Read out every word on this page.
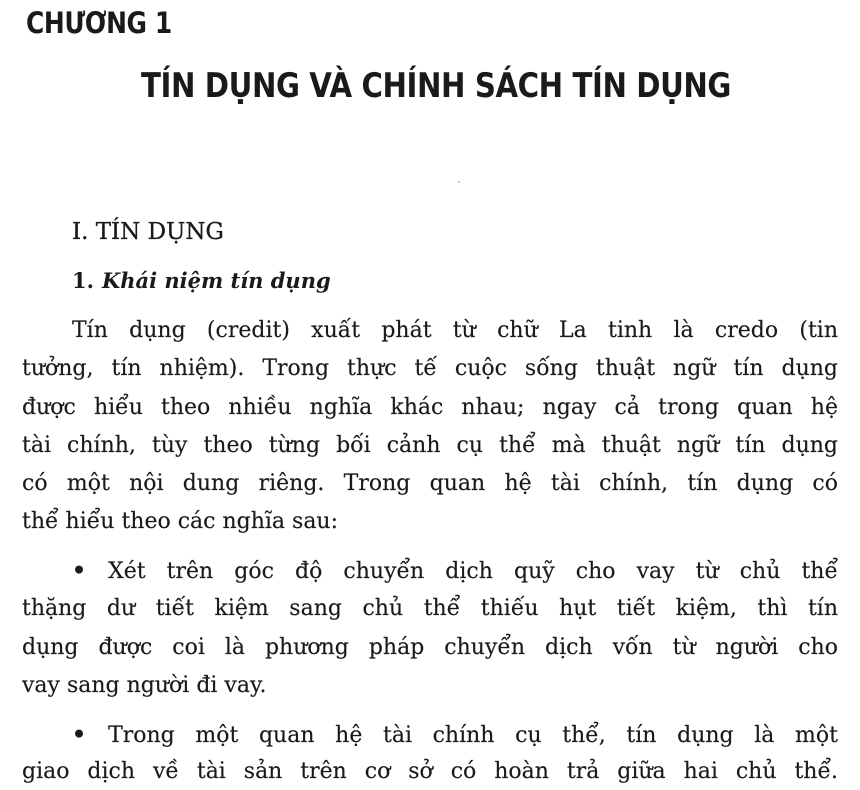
CHƯƠNG 1
TÍN DỤNG VÀ CHÍNH SÁCH TÍN DỤNG
I. TÍN DỤNG
1. Khái niệm tín dụng
Tín dụng (credit) xuất phát từ chữ La tinh là credo (tin
tưởng, tín nhiệm). Trong thực tế cuộc sống thuật ngữ tín dụng
được hiểu theo nhiều nghĩa khác nhau; ngay cả trong quan hệ
tài chính, tùy theo từng bối cảnh cụ thể mà thuật ngữ tín dụng
có một nội dung riêng. Trong quan hệ tài chính, tín dụng có
thể hiểu theo các nghĩa sau:
• Xét trên góc độ chuyển dịch quỹ cho vay từ chủ thể
thặng dư tiết kiệm sang chủ thể thiếu hụt tiết kiệm, thì tín
dụng được coi là phương pháp chuyển dịch vốn từ người cho
vay sang người đi vay.
• Trong một quan hệ tài chính cụ thể, tín dụng là một
giao dịch về tài sản trên cơ sở có hoàn trả giữa hai chủ thể.
